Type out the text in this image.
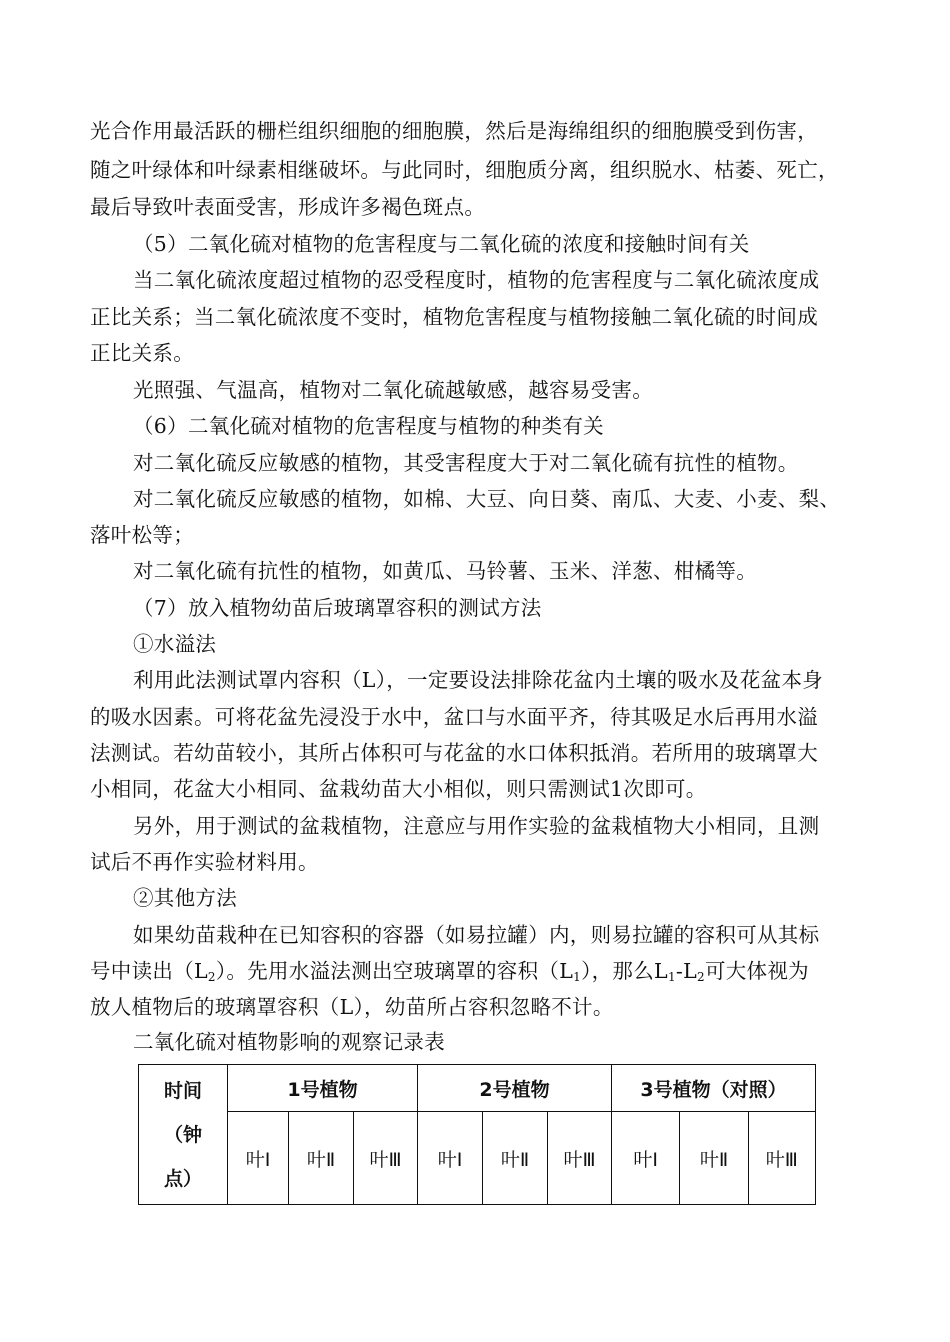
光合作用最活跃的栅栏组织细胞的细胞膜，然后是海绵组织的细胞膜受到伤害，
随之叶绿体和叶绿素相继破坏。与此同时，细胞质分离，组织脱水、枯萎、死亡，
最后导致叶表面受害，形成许多褐色斑点。
（5）二氧化硫对植物的危害程度与二氧化硫的浓度和接触时间有关
当二氧化硫浓度超过植物的忍受程度时，植物的危害程度与二氧化硫浓度成
正比关系；当二氧化硫浓度不变时，植物危害程度与植物接触二氧化硫的时间成
正比关系。
光照强、气温高，植物对二氧化硫越敏感，越容易受害。
（6）二氧化硫对植物的危害程度与植物的种类有关
对二氧化硫反应敏感的植物，其受害程度大于对二氧化硫有抗性的植物。
对二氧化硫反应敏感的植物，如棉、大豆、向日葵、南瓜、大麦、小麦、梨、
落叶松等；
对二氧化硫有抗性的植物，如黄瓜、马铃薯、玉米、洋葱、柑橘等。
（7）放入植物幼苗后玻璃罩容积的测试方法
①水溢法
利用此法测试罩内容积（L），一定要设法排除花盆内土壤的吸水及花盆本身
的吸水因素。可将花盆先浸没于水中，盆口与水面平齐，待其吸足水后再用水溢
法测试。若幼苗较小，其所占体积可与花盆的水口体积抵消。若所用的玻璃罩大
小相同，花盆大小相同、盆栽幼苗大小相似，则只需测试1次即可。
另外，用于测试的盆栽植物，注意应与用作实验的盆栽植物大小相同，且测
试后不再作实验材料用。
②其他方法
如果幼苗栽种在已知容积的容器（如易拉罐）内，则易拉罐的容积可从其标
号中读出$(L_2)$。先用水溢法测出空玻璃罩的容积$(L_1)$，那么$L_1-L_2$可大体视为
放人植物后的玻璃罩容积（L），幼苗所占容积忽略不计。
二氧化硫对植物影响的观察记录表
时间
（钟
点）	1号植物			2号植物			3号植物（对照）		
	叶Ⅰ	叶Ⅱ	叶Ⅲ	叶Ⅰ	叶Ⅱ	叶Ⅲ	叶Ⅰ	叶Ⅱ	叶Ⅲ
